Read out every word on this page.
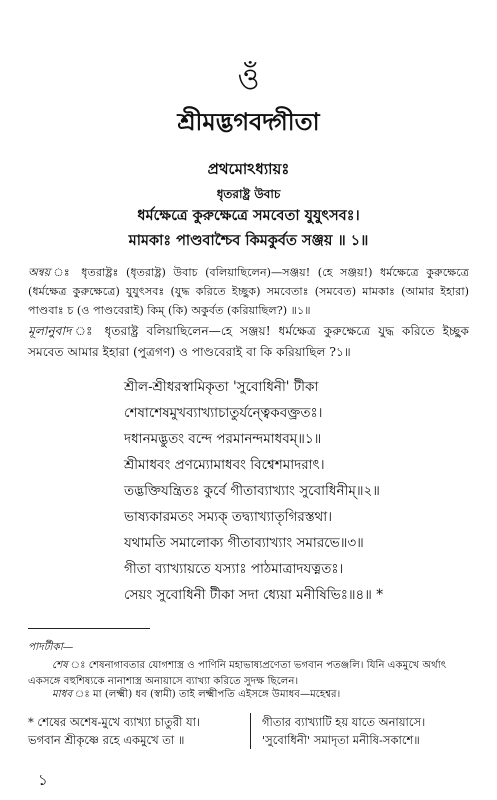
ওঁ
শ্রীমদ্ভগবদ্গীতা
প্রথমোঽধ্যায়ঃ
ধৃতরাষ্ট্র উবাচ
ধর্মক্ষেত্রে কুরুক্ষেত্রে সমবেতা যুযুৎসবঃ।
মামকাঃ পাণ্ডবাশ্চৈব কিমকুর্বত সঞ্জয় ॥ ১॥

অন্বয় ঃ ধৃতরাষ্ট্রঃ (ধৃতরাষ্ট্র) উবাচ (বলিয়াছিলেন)—সঞ্জয়! (হে সঞ্জয়!) ধর্মক্ষেত্রে কুরুক্ষেত্রে (ধর্মক্ষেত্র কুরুক্ষেত্রে) যুযুৎসবঃ (যুদ্ধ করিতে ইচ্ছুক) সমবেতাঃ (সমবেত) মামকাঃ (আমার ইহারা) পাণ্ডবাঃ চ (ও পাণ্ডবেরাই) কিম্ (কি) অকুর্বত (করিয়াছিল?) ॥১॥

মূলানুবাদ ঃ ধৃতরাষ্ট্র বলিয়াছিলেন—হে সঞ্জয়! ধর্মক্ষেত্র কুরুক্ষেত্রে যুদ্ধ করিতে ইচ্ছুক সমবেত আমার ইহারা (পুত্রগণ) ও পাণ্ডবেরাই বা কি করিয়াছিল ?১॥

শ্রীল-শ্রীধরস্বামিকৃতা 'সুবোধিনী' টীকা
শেষাশেষমুখব্যাখ্যাচাতুর্যন্ত্বেকবক্ত্রতঃ।
দধানমদ্ভুতং বন্দে পরমানন্দমাধবম্॥১॥
শ্রীমাধবং প্রণম্যোমাধবং বিশ্বেশমাদরাৎ।
তদ্ভক্তিযন্ত্রিতঃ কুর্বে গীতাব্যাখ্যাং সুবোধিনীম্॥২॥
ভাষ্যকারমতং সম্যক্ তদ্ব্যাখ্যাতৃগিরস্তথা।
যথামতি সমালোক্য গীতাব্যাখ্যাং সমারভে॥৩॥
গীতা ব্যাখ্যায়তে যস্যাঃ পাঠমাত্রাদযত্নতঃ।
সেয়ং সুবোধিনী টীকা সদা ধ্যেয়া মনীষিভিঃ॥৪॥ *
পাদটীকা—

শেষ ঃ শেষনাগাবতার যোগশাস্ত্র ও পাণিনি মহাভাষ্যপ্রণেতা ভগবান পতঞ্জলি। যিনি একমুখে অর্থাৎ একসঙ্গে বহুশিষ্যকে নানাশাস্ত্র অনায়াসে ব্যাখ্যা করিতে সুদক্ষ ছিলেন।

মাধব ঃ মা (লক্ষ্মী) ধব (স্বামী) তাই লক্ষ্মীপতি এইসঙ্গে উমাধব—মহেশ্বর।

* শেষের অশেষ-মুখে ব্যাখ্যা চাতুরী যা।
ভগবান শ্রীকৃষ্ণে রহে একমুখে তা ॥
গীতার ব্যাখ্যাটি হয় যাতে অনায়াসে।
'সুবোধিনী' সমাদৃতা মনীষি-সকাশে॥
১
